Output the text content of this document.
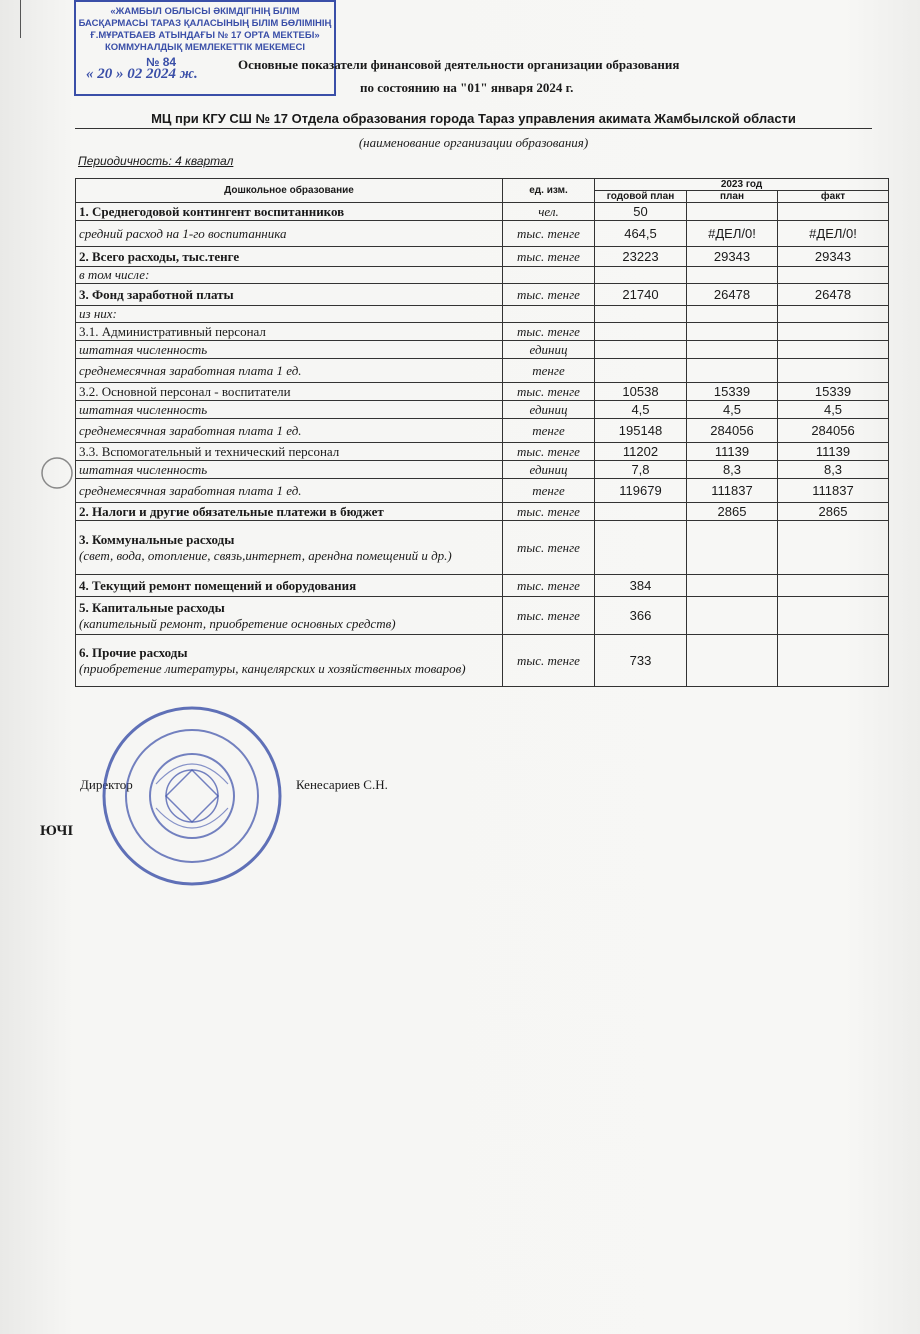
«ЖАМБЫЛ ОБЛЫСЫ ӘКІМДІГІНІҢ БІЛІМ
БАСҚАРМАСЫ ТАРАЗ ҚАЛАСЫНЫҢ БІЛІМ БӨЛІМІНІҢ
Ғ.МҰРАТБАЕВ АТЫНДАҒЫ № 17 ОРТА МЕКТЕБІ»
КОММУНАЛДЫҚ МЕМЛЕКЕТТІК МЕКЕМЕСІ
№ 84
« 20 » 02 2024 ж.
Основные показатели финансовой деятельности организации образования
по состоянию на "01" января 2024 г.
МЦ при КГУ СШ № 17 Отдела образования города Тараз управления акимата Жамбылской области
(наименование организации образования)
Периодичность: 4 квартал
Дошкольное образование	ед. изм.	2023 год		
		годовой план	план	факт
1. Среднегодовой контингент воспитанников	чел.	50		
средний расход на 1-го воспитанника	тыс. тенге	464,5	#ДЕЛ/0!	#ДЕЛ/0!
2. Всего расходы, тыс.тенге	тыс. тенге	23223	29343	29343
в том числе:				
3. Фонд заработной платы	тыс. тенге	21740	26478	26478
из них:				
3.1. Административный персонал	тыс. тенге			
штатная численность	единиц			
среднемесячная заработная плата 1 ед.	тенге			
3.2. Основной персонал - воспитатели	тыс. тенге	10538	15339	15339
штатная численность	единиц	4,5	4,5	4,5
среднемесячная заработная плата 1 ед.	тенге	195148	284056	284056
3.3. Вспомогательный и технический персонал	тыс. тенге	11202	11139	11139
штатная численность	единиц	7,8	8,3	8,3
среднемесячная заработная плата 1 ед.	тенге	119679	111837	111837
2. Налоги и другие обязательные платежи в бюджет	тыс. тенге		2865	2865
3. Коммунальные расходы
(свет, вода, отопление, связь,интернет, арендна помещений и др.)	тыс. тенге			
4. Текущий ремонт помещений и оборудования	тыс. тенге	384		
5. Капитальные расходы
(капительный ремонт, приобретение основных средств)	тыс. тенге	366		
6. Прочие расходы
(приобретение литературы, канцелярских и хозяйственных товаров)	тыс. тенге	733		
Директор	Кенесариев С.Н.
ЮЧІ
